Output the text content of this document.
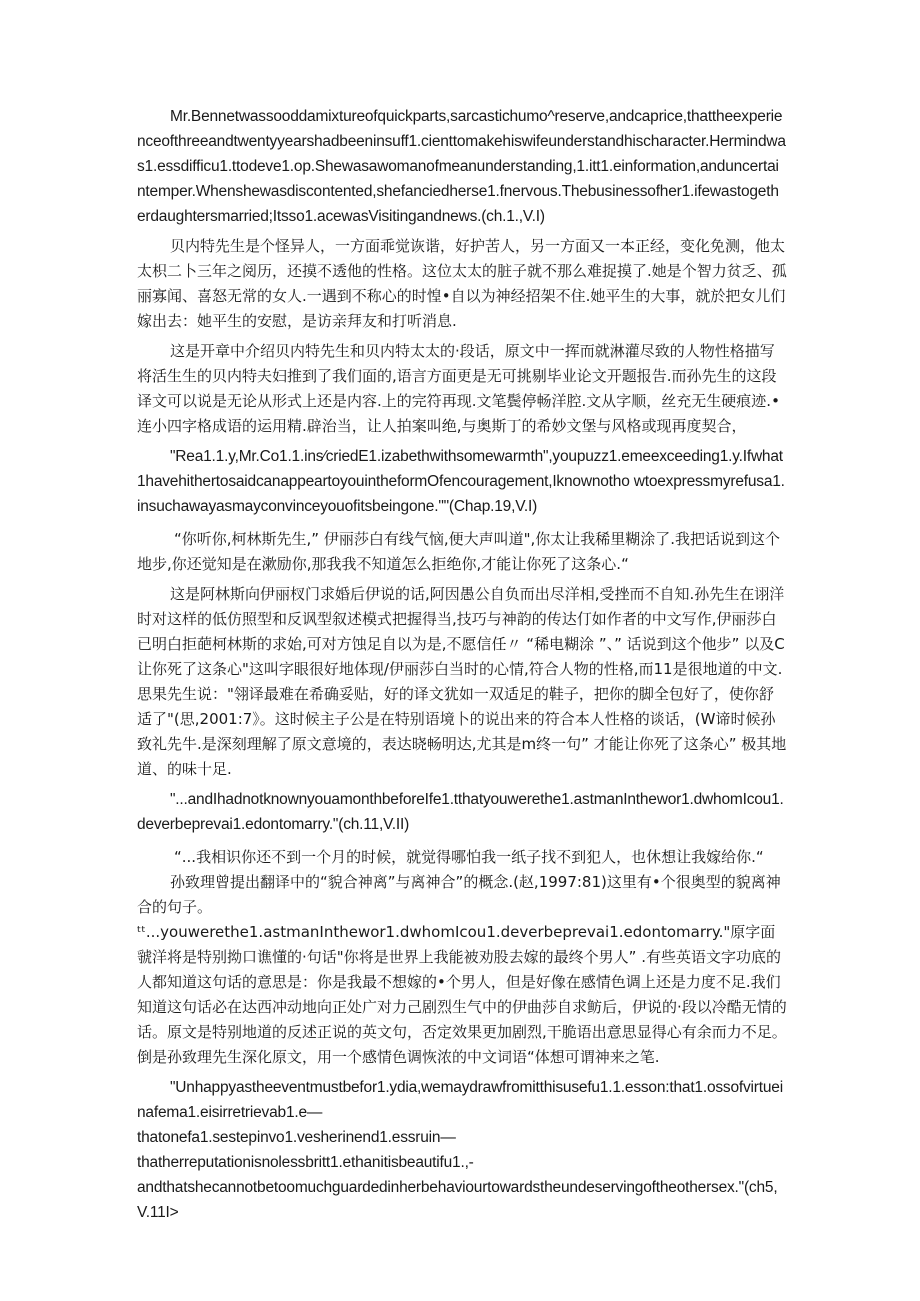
Mr.Bennetwassooddamixtureofquickparts,sarcastichumo^reserve,andcaprice,thattheexperienceofthreeandtwentyyearshadbeeninsuff1.cienttomakehiswifeunderstandhischaracter.Hermindwas1.essdifficu1.ttodeve1.op.Shewasawomanofmeanunderstanding,1.itt1.einformation,anduncertaintemper.Whenshewasdiscontented,shefanciedherse1.fnervous.Thebusinessofher1.ifewastogetherdaughtersmarried;Itsso1.acewasVisitingandnews.(ch.1.,V.I)

贝内特先生是个怪异人，一方面乖觉诙谐，好护苦人，另一方面又一本正经，变化免测，他太太枳二卜三年之阅历，还摸不透他的性格。这位太太的脏子就不那么难捉摸了.她是个智力贫乏、孤丽寡闻、喜怒无常的女人.一遇到不称心的时惶•自以为神经招架不住.她平生的大事，就於把女儿们嫁出去：她平生的安慰，是访亲拜友和打听消息.

这是开章中介绍贝内特先生和贝内特太太的·段话，原文中一挥而就淋灌尽致的人物性格描写将活生生的贝内特夫妇推到了我们面的,语言方面更是无可挑剔毕业论文开题报告.而孙先生的这段译文可以说是无论从形式上还是内容.上的完符再现.文笔鬓停畅洋腔.文从字顺，丝充无生硬痕迹.•连小四字格成语的运用精.辟治当，让人拍案叫绝,与奥斯丁的希妙文堡与风格或现再度契合，

"Rea1.1.y,Mr.Co1.1.ins⁄criedE1.izabethwithsomewarmth",youpuzz1.emeexceeding1.y.Ifwhat1havehithertosaidcanappeartoyouintheformOfencouragement,Iknownotho wtoexpressmyrefusa1.insuchawayasmayconvinceyouofitsbeingone.""(Chap.19,V.I)

“你听你,柯林斯先生,” 伊丽莎白有线气恼,便大声叫道",你太让我稀里糊涂了.我把话说到这个地步,你还觉知是在漱励你,那我我不知道怎么拒绝你,才能让你死了这条心.“

这是阿林斯向伊丽杈门求婚后伊说的话,阿因愚公自负而出尽洋相,受挫而不自知.孙先生在诩洋时对这样的低仿照型和反讽型叙述模式把握得当,技巧与神韵的传达仃如作者的中文写作,伊丽莎白已明白拒葩柯林斯的求始,可对方蚀足自以为是,不愿信任〃 “稀电糊涂 ”、” 话说到这个他步” 以及C让你死了这条心"这叫字眼很好地体现/伊丽莎白当时的心情,符合人物的性格,而11是很地道的中文.思果先生说："翎译最难在希确妥贴，好的译文犹如一双适足的鞋子，把你的脚全包好了，使你舒适了"(思,2001:7》。这时候主子公是在特别语境卜的说出来的符合本人性格的谈话，(W谛时候孙致礼先牛.是深刻理解了原文意境的，表达晓畅明达,尤其是m终一句” 才能让你死了这条心” 极其地道、的味十足.

"...andIhadnotknownyouamonthbeforeIfe1.tthatyouwerethe1.astmanInthewor1.dwhomIcou1.deverbeprevai1.edontomarry."(ch.11,V.II)

“...我相识你还不到一个月的时候，就觉得哪怕我一纸子找不到犯人，也休想让我嫁给你.“

孙致理曾提出翻译中的“貌合神离”与离神合”的概念.(赵,1997:81)这里有•个很奥型的貌离神合的句子。

ᵗᵗ...youwerethe1.astmanInthewor1.dwhomIcou1.deverbeprevai1.edontomarry."原字面虢洋将是特别拗口谯懂的·句话"你将是世界上我能被劝股去嫁的最终个男人” .有些英语文字功底的人都知道这句话的意思是：你是我最不想嫁的•个男人，但是好像在感情色调上还是力度不足.我们知道这句话必在达西冲动地向正处广对力己剧烈生气中的伊曲莎自求鲂后，伊说的·段以冷酷无情的话。原文是特别地道的反述正说的英文句，否定效果更加剧烈,干脆语出意思显得心有余而力不足。倒是孙致理先生深化原文，用一个感情色调恢浓的中文词语“体想可谓神来之笔.

"Unhappyastheeventmustbefor1.ydia,wemaydrawfromitthisusefu1.1.esson:that1.ossofvirtueinafema1.eisirretrievab1.e—

thatonefa1.sestepinvo1.vesherinend1.essruin—

thatherreputationisnolessbritt1.ethanitisbeautifu1.,-

andthatshecannotbetoomuchguardedinherbehaviourtowardstheundeservingoftheothersex."(ch5,V.11I>
